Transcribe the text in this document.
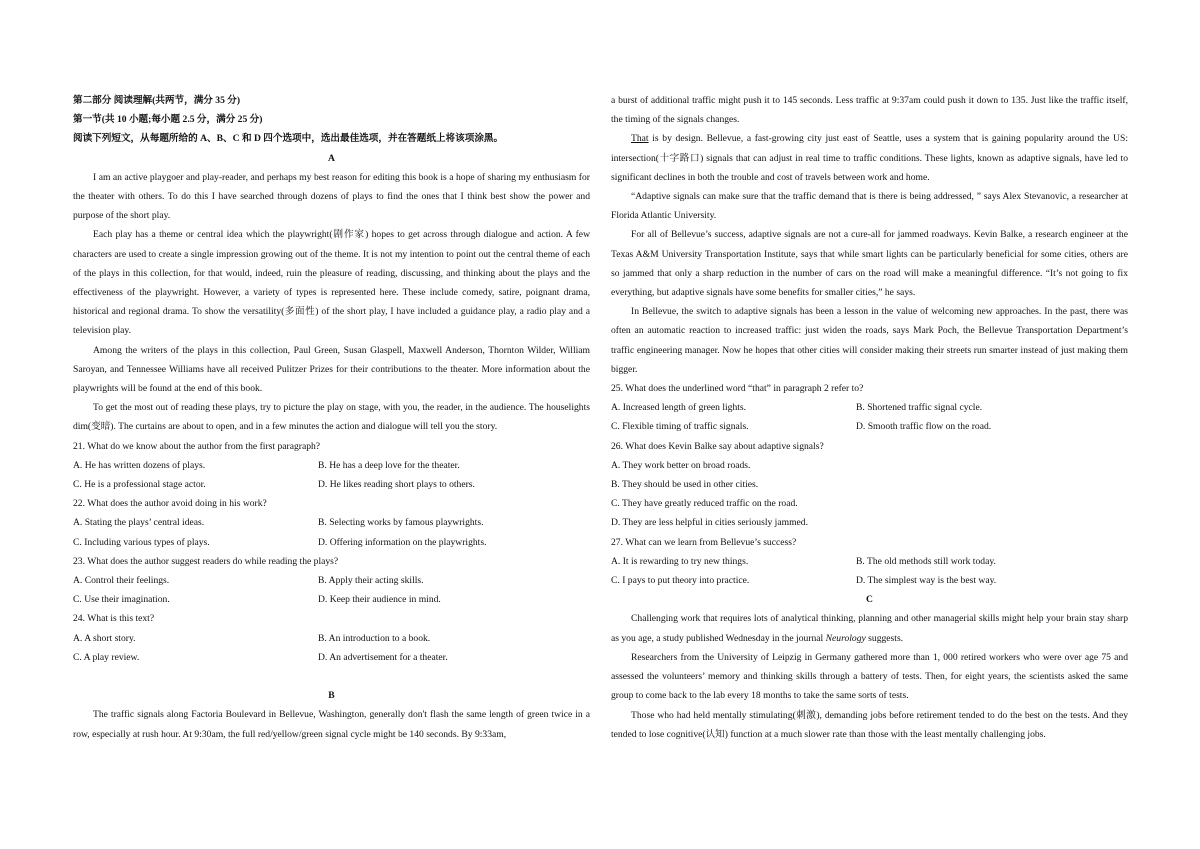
第二部分 阅读理解(共两节，满分 35 分)

第一节(共 10 小题;每小题 2.5 分，满分 25 分)

阅读下列短文，从每题所给的 A、B、C 和 D 四个选项中，选出最佳选项，并在答题纸上将该项涂黑。

A

I am an active playgoer and play-reader, and perhaps my best reason for editing this book is a hope of sharing my enthusiasm for the theater with others. To do this I have searched through dozens of plays to find the ones that I think best show the power and purpose of the short play.

Each play has a theme or central idea which the playwright(剧作家) hopes to get across through dialogue and action. A few characters are used to create a single impression growing out of the theme. It is not my intention to point out the central theme of each of the plays in this collection, for that would, indeed, ruin the pleasure of reading, discussing, and thinking about the plays and the effectiveness of the playwright. However, a variety of types is represented here. These include comedy, satire, poignant drama, historical and regional drama. To show the versatility(多面性) of the short play, I have included a guidance play, a radio play and a television play.

Among the writers of the plays in this collection, Paul Green, Susan Glaspell, Maxwell Anderson, Thornton Wilder, William Saroyan, and Tennessee Williams have all received Pulitzer Prizes for their contributions to the theater. More information about the playwrights will be found at the end of this book.

To get the most out of reading these plays, try to picture the play on stage, with you, the reader, in the audience. The houselights dim(变暗). The curtains are about to open, and in a few minutes the action and dialogue will tell you the story.

21. What do we know about the author from the first paragraph?

A. He has written dozens of plays.	B. He has a deep love for the theater.
C. He is a professional stage actor.	D. He likes reading short plays to others.

22. What does the author avoid doing in his work?

A. Stating the plays’ central ideas.	B. Selecting works by famous playwrights.
C. Including various types of plays.	D. Offering information on the playwrights.

23. What does the author suggest readers do while reading the plays?

A. Control their feelings.	B. Apply their acting skills.
C. Use their imagination.	D. Keep their audience in mind.

24. What is this text?

A. A short story.	B. An introduction to a book.
C. A play review.	D. An advertisement for a theater.

B

The traffic signals along Factoria Boulevard in Bellevue, Washington, generally don't flash the same length of green twice in a row, especially at rush hour. At 9:30am, the full red/yellow/green signal cycle might be 140 seconds. By 9:33am,

a burst of additional traffic might push it to 145 seconds. Less traffic at 9:37am could push it down to 135. Just like the traffic itself, the timing of the signals changes.

That is by design. Bellevue, a fast-growing city just east of Seattle, uses a system that is gaining popularity around the US: intersection(十字路口) signals that can adjust in real time to traffic conditions. These lights, known as adaptive signals, have led to significant declines in both the trouble and cost of travels between work and home.

“Adaptive signals can make sure that the traffic demand that is there is being addressed, ” says Alex Stevanovic, a researcher at Florida Atlantic University.

For all of Bellevue’s success, adaptive signals are not a cure-all for jammed roadways. Kevin Balke, a research engineer at the Texas A&M University Transportation Institute, says that while smart lights can be particularly beneficial for some cities, others are so jammed that only a sharp reduction in the number of cars on the road will make a meaningful difference. “It’s not going to fix everything, but adaptive signals have some benefits for smaller cities,” he says.

In Bellevue, the switch to adaptive signals has been a lesson in the value of welcoming new approaches. In the past, there was often an automatic reaction to increased traffic: just widen the roads, says Mark Poch, the Bellevue Transportation Department’s traffic engineering manager. Now he hopes that other cities will consider making their streets run smarter instead of just making them bigger.

25. What does the underlined word “that” in paragraph 2 refer to?

A. Increased length of green lights.	B. Shortened traffic signal cycle.
C. Flexible timing of traffic signals.	D. Smooth traffic flow on the road.

26. What does Kevin Balke say about adaptive signals?

A. They work better on broad roads.

B. They should be used in other cities.

C. They have greatly reduced traffic on the road.

D. They are less helpful in cities seriously jammed.

27. What can we learn from Bellevue’s success?

A. It is rewarding to try new things.	B. The old methods still work today.
C. I pays to put theory into practice.	D. The simplest way is the best way.

C

Challenging work that requires lots of analytical thinking, planning and other managerial skills might help your brain stay sharp as you age, a study published Wednesday in the journal Neurology suggests.

Researchers from the University of Leipzig in Germany gathered more than 1, 000 retired workers who were over age 75 and assessed the volunteers’ memory and thinking skills through a battery of tests. Then, for eight years, the scientists asked the same group to come back to the lab every 18 months to take the same sorts of tests.

Those who had held mentally stimulating(刺激), demanding jobs before retirement tended to do the best on the tests. And they tended to lose cognitive(认知) function at a much slower rate than those with the least mentally challenging jobs.
